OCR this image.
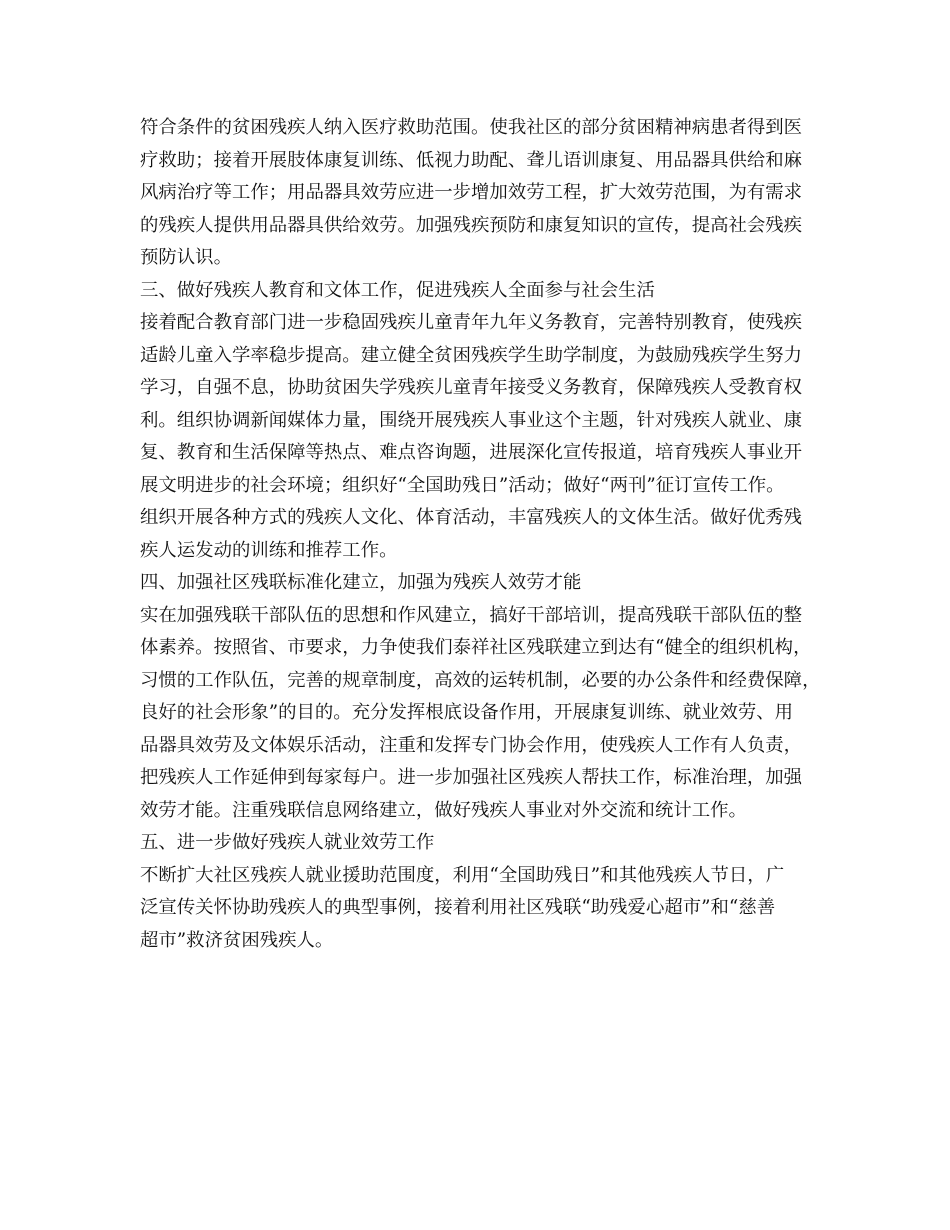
符合条件的贫困残疾人纳入医疗救助范围。使我社区的部分贫困精神病患者得到医
疗救助；接着开展肢体康复训练、低视力助配、聋儿语训康复、用品器具供给和麻
风病治疗等工作；用品器具效劳应进一步增加效劳工程，扩大效劳范围，为有需求
的残疾人提供用品器具供给效劳。加强残疾预防和康复知识的宣传，提高社会残疾
预防认识。
三、做好残疾人教育和文体工作，促进残疾人全面参与社会生活
接着配合教育部门进一步稳固残疾儿童青年九年义务教育，完善特别教育，使残疾
适龄儿童入学率稳步提高。建立健全贫困残疾学生助学制度，为鼓励残疾学生努力
学习，自强不息，协助贫困失学残疾儿童青年接受义务教育，保障残疾人受教育权
利。组织协调新闻媒体力量，围绕开展残疾人事业这个主题，针对残疾人就业、康
复、教育和生活保障等热点、难点咨询题，进展深化宣传报道，培育残疾人事业开
展文明进步的社会环境；组织好“全国助残日”活动；做好“两刊”征订宣传工作。
组织开展各种方式的残疾人文化、体育活动，丰富残疾人的文体生活。做好优秀残
疾人运发动的训练和推荐工作。
四、加强社区残联标准化建立，加强为残疾人效劳才能
实在加强残联干部队伍的思想和作风建立，搞好干部培训，提高残联干部队伍的整
体素养。按照省、市要求，力争使我们泰祥社区残联建立到达有“健全的组织机构，
习惯的工作队伍，完善的规章制度，高效的运转机制，必要的办公条件和经费保障，
良好的社会形象”的目的。充分发挥根底设备作用，开展康复训练、就业效劳、用
品器具效劳及文体娱乐活动，注重和发挥专门协会作用，使残疾人工作有人负责，
把残疾人工作延伸到每家每户。进一步加强社区残疾人帮扶工作，标准治理，加强
效劳才能。注重残联信息网络建立，做好残疾人事业对外交流和统计工作。
五、进一步做好残疾人就业效劳工作
不断扩大社区残疾人就业援助范围度，利用“全国助残日”和其他残疾人节日，广
泛宣传关怀协助残疾人的典型事例，接着利用社区残联“助残爱心超市”和“慈善
超市”救济贫困残疾人。
